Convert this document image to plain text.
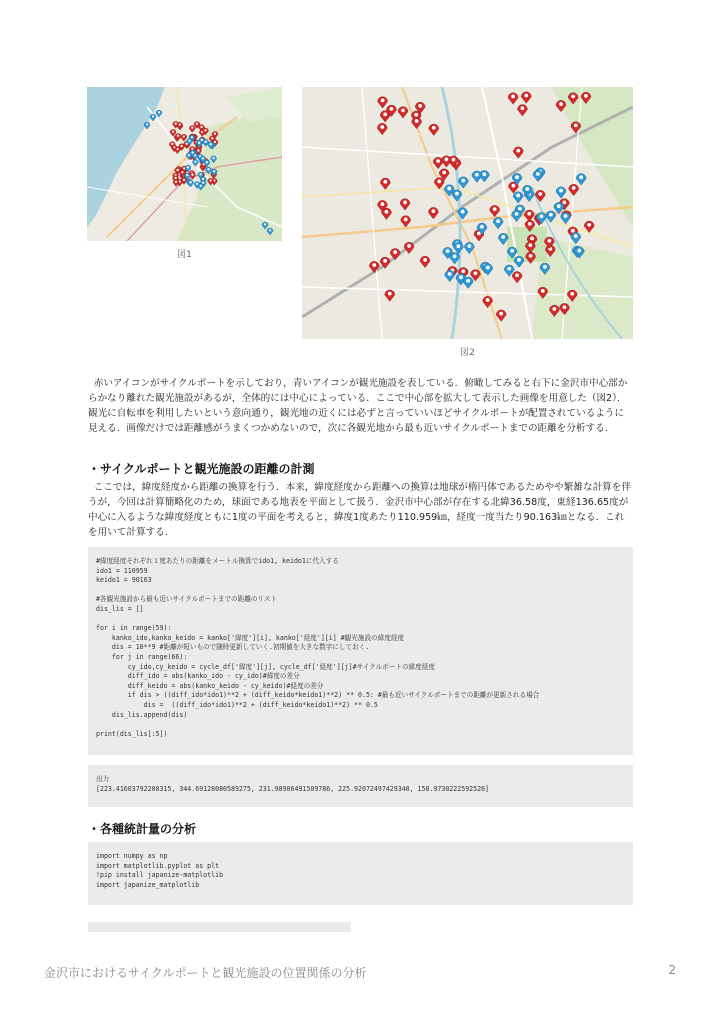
図1
図2

赤いアイコンがサイクルポートを示しており，青いアイコンが観光施設を表している．俯瞰してみると右下に金沢市中心部からかなり離れた観光施設があるが，全体的には中心によっている．ここで中心部を拡大して表示した画像を用意した（図2）．観光に自転車を利用したいという意向通り，観光地の近くには必ずと言っていいほどサイクルポートが配置されているように見える．画像だけでは距離感がうまくつかめないので，次に各観光地から最も近いサイクルポートまでの距離を分析する．

・サイクルポートと観光施設の距離の計測

ここでは，緯度経度から距離の換算を行う．本来，緯度経度から距離への換算は地球が楕円体であるためやや繁雑な計算を伴うが，今回は計算簡略化のため，球面である地表を平面として扱う．金沢市中心部が存在する北緯36.58度，東経136.65度が中心に入るような緯度経度ともに1度の平面を考えると，緯度1度あたり110.959㎞，経度一度当たり90.163㎞となる．これを用いて計算する．

#緯度経度それぞれ１度あたりの距離をメートル換算でido1, keido1に代入する
ido1 = 110959
keido1 = 90163

#各観光施設から最も近いサイクルポートまでの距離のリスト
dis_lis = []

for i in range(59):
kanko_ido,kanko_keido = kanko['緯度'][i], kanko['経度'][i] #観光施設の緯度経度
dis = 10**9 #距離が短いもので随時更新していく.初期値を大きな数字にしておく.
for j in range(66):
cy_ido,cy_keido = cycle_df['緯度'][j], cycle_df['経度'][j]#サイクルポートの緯度経度
diff_ido = abs(kanko_ido - cy_ido)#緯度の差分
diff_keido = abs(kanko_keido - cy_keido)#経度の差分
if dis > ((diff_ido*ido1)**2 + (diff_keido*keido1)**2) ** 0.5: #最も近いサイクルポートまでの距離が更新される場合
dis =  ((diff_ido*ido1)**2 + (diff_keido*keido1)**2) ** 0.5
dis_lis.append(dis)

print(dis_lis[:5])
出力
[223.41603792208315, 344.69128080589275, 231.98906491509786, 225.92072497429348, 150.9730222592526]
・各種統計量の分析
import numpy as np
import matplotlib.pyplot as plt
!pip install japanize-matplotlib
import japanize_matplotlib
金沢市におけるサイクルポートと観光施設の位置関係の分析	2
